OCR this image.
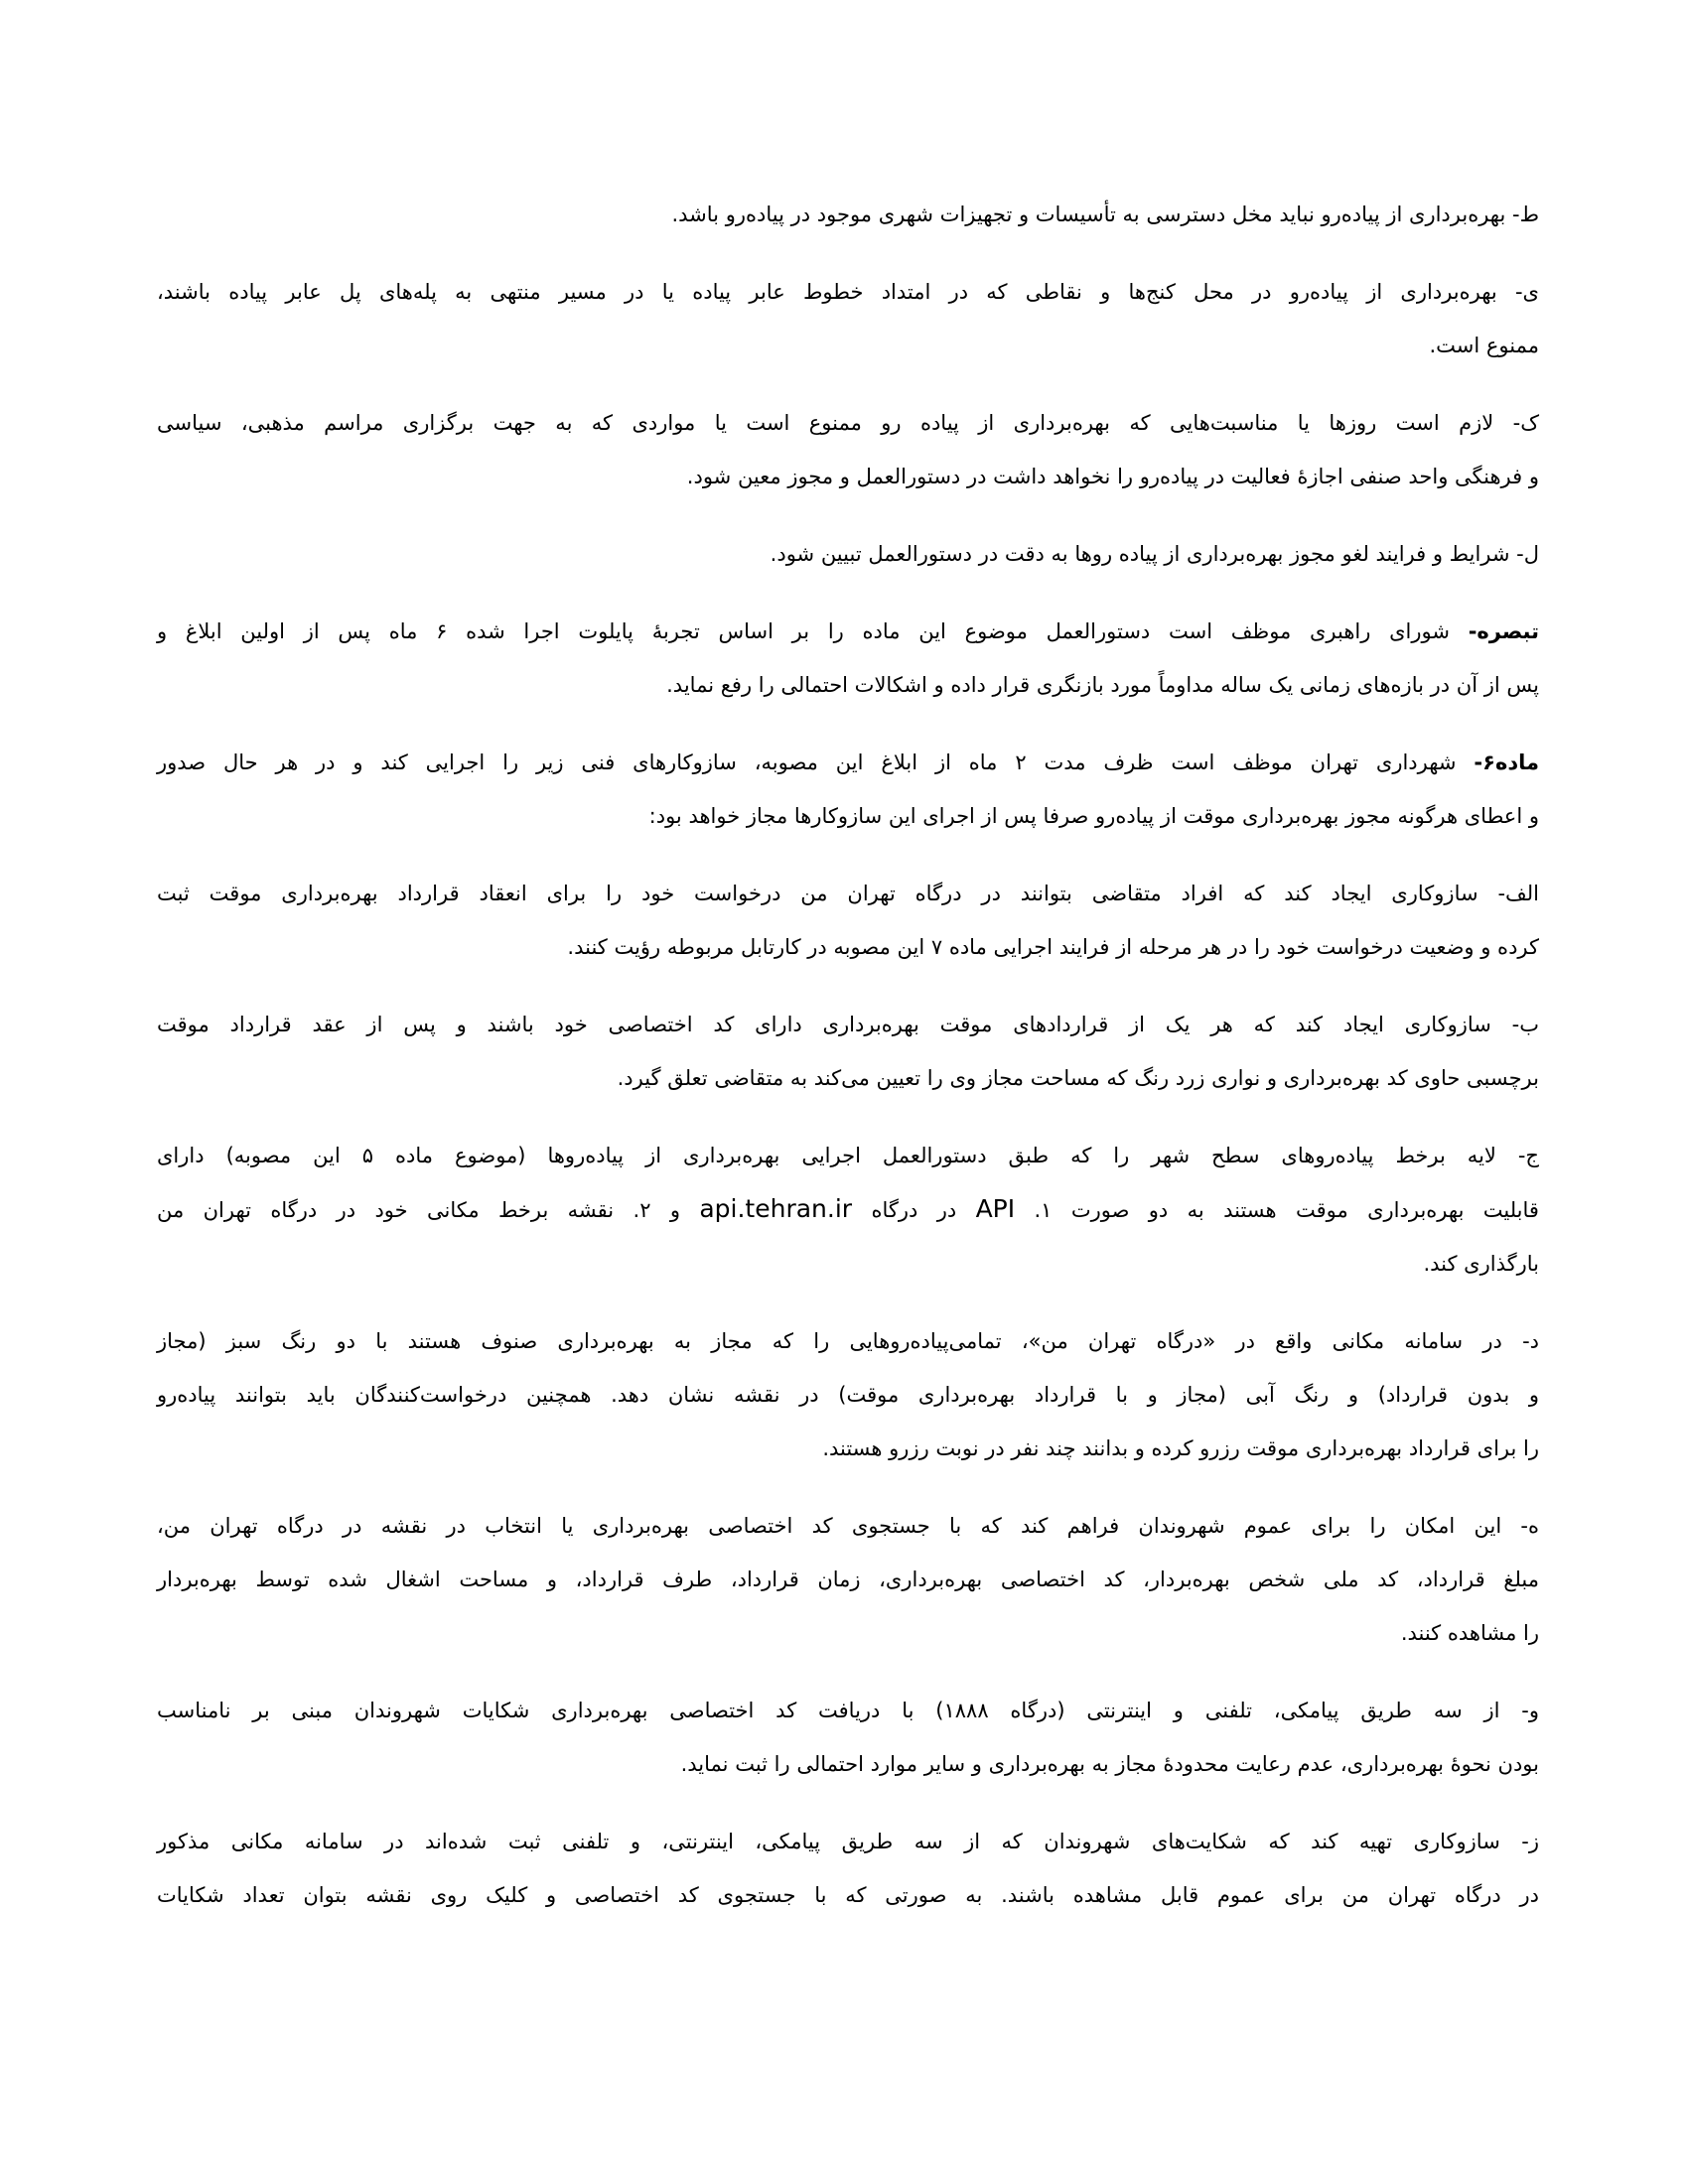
ط- بهره‌برداری از پیاده‌رو نباید مخل دسترسی به تأسیسات و تجهیزات شهری موجود در پیاده‌رو باشد.
ی- بهره‌برداری از پیاده‌رو در محل کنج‌ها و نقاطی که در امتداد خطوط عابر پیاده یا در مسیر منتهی به پله‌های پل عابر پیاده باشند،
ممنوع است.
ک- لازم است روزها یا مناسبت‌هایی که بهره‌برداری از پیاده رو ممنوع است یا مواردی که به جهت برگزاری مراسم مذهبی، سیاسی
و فرهنگی واحد صنفی اجازهٔ فعالیت در پیاده‌رو را نخواهد داشت در دستورالعمل و مجوز معین شود.
ل- شرایط و فرایند لغو مجوز بهره‌برداری از پیاده روها به دقت در دستورالعمل تبیین شود.
تبصره- شورای راهبری موظف است دستورالعمل موضوع این ماده را بر اساس تجربهٔ پایلوت اجرا شده ۶ ماه پس از اولین ابلاغ و
پس از آن در بازه‌های زمانی یک ساله مداوماً مورد بازنگری قرار داده و اشکالات احتمالی را رفع نماید.
ماده۶- شهرداری تهران موظف است ظرف مدت ۲ ماه از ابلاغ این مصوبه، سازوکارهای فنی زیر را اجرایی کند و در هر حال صدور
و اعطای هرگونه مجوز بهره‌برداری موقت از پیاده‌رو صرفا پس از اجرای این سازوکارها مجاز خواهد بود:
الف- سازوکاری ایجاد کند که افراد متقاضی بتوانند در درگاه تهران من درخواست خود را برای انعقاد قرارداد بهره‌برداری موقت ثبت
کرده و وضعیت درخواست خود را در هر مرحله از فرایند اجرایی ماده ۷ این مصوبه در کارتابل مربوطه رؤیت کنند.
ب- سازوکاری ایجاد کند که هر یک از قراردادهای موقت بهره‌برداری دارای کد اختصاصی خود باشند و پس از عقد قرارداد موقت
برچسبی حاوی کد بهره‌برداری و نواری زرد رنگ که مساحت مجاز وی را تعیین می‌کند به متقاضی تعلق گیرد.
ج- لایه برخط پیاده‌روهای سطح شهر را که طبق دستورالعمل اجرایی بهره‌برداری از پیاده‌روها (موضوع ماده ۵ این مصوبه) دارای
قابلیت بهره‌برداری موقت هستند به دو صورت ۱. API در درگاه api.tehran.ir و ۲. نقشه برخط مکانی خود در درگاه تهران من
بارگذاری کند.
د- در سامانه مکانی واقع در «درگاه تهران من»، تمامی‌پیاده‌روهایی را که مجاز به بهره‌برداری صنوف هستند با دو رنگ سبز (مجاز
و بدون قرارداد) و رنگ آبی (مجاز و با قرارداد بهره‌برداری موقت) در نقشه نشان دهد. همچنین درخواست‌کنندگان باید بتوانند پیاده‌رو
را برای قرارداد بهره‌برداری موقت رزرو کرده و بدانند چند نفر در نوبت رزرو هستند.
ه- این امکان را برای عموم شهروندان فراهم کند که با جستجوی کد اختصاصی بهره‌برداری یا انتخاب در نقشه در درگاه تهران من،
مبلغ قرارداد، کد ملی شخص بهره‌بردار، کد اختصاصی بهره‌برداری، زمان قرارداد، طرف قرارداد، و مساحت اشغال شده توسط بهره‌بردار
را مشاهده کنند.
و- از سه طریق پیامکی، تلفنی و اینترنتی (درگاه ۱۸۸۸) با دریافت کد اختصاصی بهره‌برداری شکایات شهروندان مبنی بر نامناسب
بودن نحوهٔ بهره‌برداری، عدم رعایت محدودهٔ مجاز به بهره‌برداری و سایر موارد احتمالی را ثبت نماید.
ز- سازوکاری تهیه کند که شکایت‌های شهروندان که از سه طریق پیامکی، اینترنتی، و تلفنی ثبت شده‌اند در سامانه مکانی مذکور
در درگاه تهران من برای عموم قابل مشاهده باشند. به صورتی که با جستجوی کد اختصاصی و کلیک روی نقشه بتوان تعداد شکایات
